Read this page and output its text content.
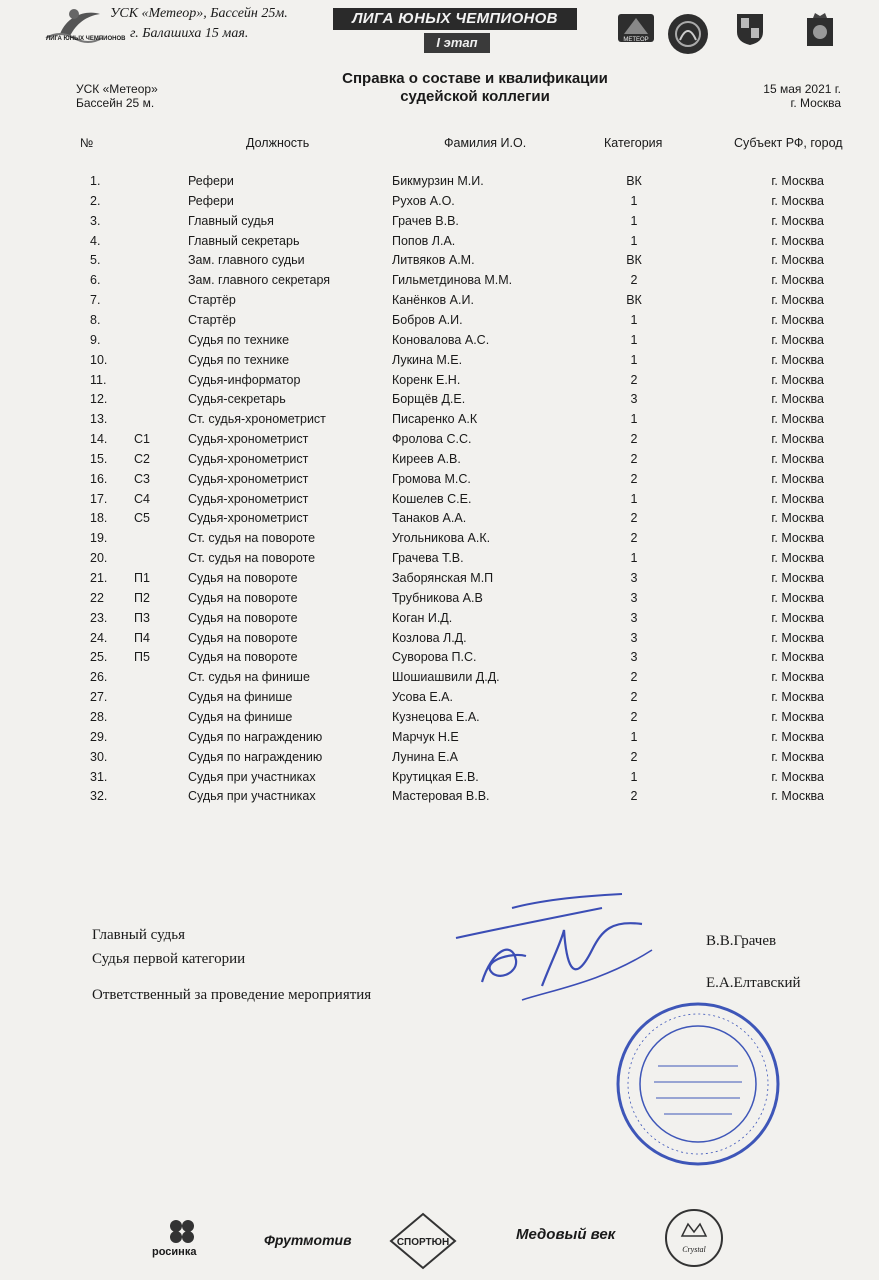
ЛИГА ЮНЫХ ЧЕМПИОНОВ
УСК «Метеор», Бассейн 25м.
г. Балашиха 15 мая.
ЛИГА ЮНЫХ ЧЕМПИОНОВ
I этап	МЕТЕОР
УСК «Метеор»
Бассейн 25 м.
Справка о составе и квалификации
судейской коллегии	15 мая 2021 г.
г. Москва
№	Должность	Фамилия И.О.	Категория	Субъект РФ, город
1.	Рефери	Бикмурзин М.И.	ВК	г. Москва
2.	Рефери	Рухов А.О.	1	г. Москва
3.	Главный судья	Грачев В.В.	1	г. Москва
4.	Главный секретарь	Попов Л.А.	1	г. Москва
5.	Зам. главного судьи	Литвяков А.М.	ВК	г. Москва
6.	Зам. главного секретаря	Гильметдинова М.М.	2	г. Москва
7.	Стартёр	Канёнков А.И.	ВК	г. Москва
8.	Стартёр	Бобров А.И.	1	г. Москва
9.	Судья по технике	Коновалова А.С.	1	г. Москва
10.	Судья по технике	Лукина М.Е.	1	г. Москва
11.	Судья-информатор	Коренк Е.Н.	2	г. Москва
12.	Судья-секретарь	Борщёв Д.Е.	3	г. Москва
13.	Ст. судья-хронометрист	Писаренко А.К	1	г. Москва
14. С1	Судья-хронометрист	Фролова С.С.	2	г. Москва
15. С2	Судья-хронометрист	Киреев А.В.	2	г. Москва
16. С3	Судья-хронометрист	Громова М.С.	2	г. Москва
17. С4	Судья-хронометрист	Кошелев С.Е.	1	г. Москва
18. С5	Судья-хронометрист	Танаков А.А.	2	г. Москва
19.	Ст. судья на повороте	Угольникова А.К.	2	г. Москва
20.	Ст. судья на повороте	Грачева Т.В.	1	г. Москва
21. П1	Судья на повороте	Заборянская М.П	3	г. Москва
22 П2	Судья на повороте	Трубникова А.В	3	г. Москва
23. П3	Судья на повороте	Коган И.Д.	3	г. Москва
24. П4	Судья на повороте	Козлова Л.Д.	3	г. Москва
25. П5	Судья на повороте	Суворова П.С.	3	г. Москва
26.	Ст. судья на финише	Шошиашвили Д.Д.	2	г. Москва
27.	Судья на финише	Усова Е.А.	2	г. Москва
28.	Судья на финише	Кузнецова Е.А.	2	г. Москва
29.	Судья по награждению	Марчук Н.Е	1	г. Москва
30.	Судья по награждению	Лунина Е.А	2	г. Москва
31.	Судья при участниках	Крутицкая Е.В.	1	г. Москва
32.	Судья при участниках	Мастеровая В.В.	2	г. Москва
Главный судья
Судья первой категории
В.В.Грачев
Ответственный за проведение мероприятия
Е.А.Елтавский
росинка
Фрутмотив	СПОРТЮН	Медовый век
Crystal
